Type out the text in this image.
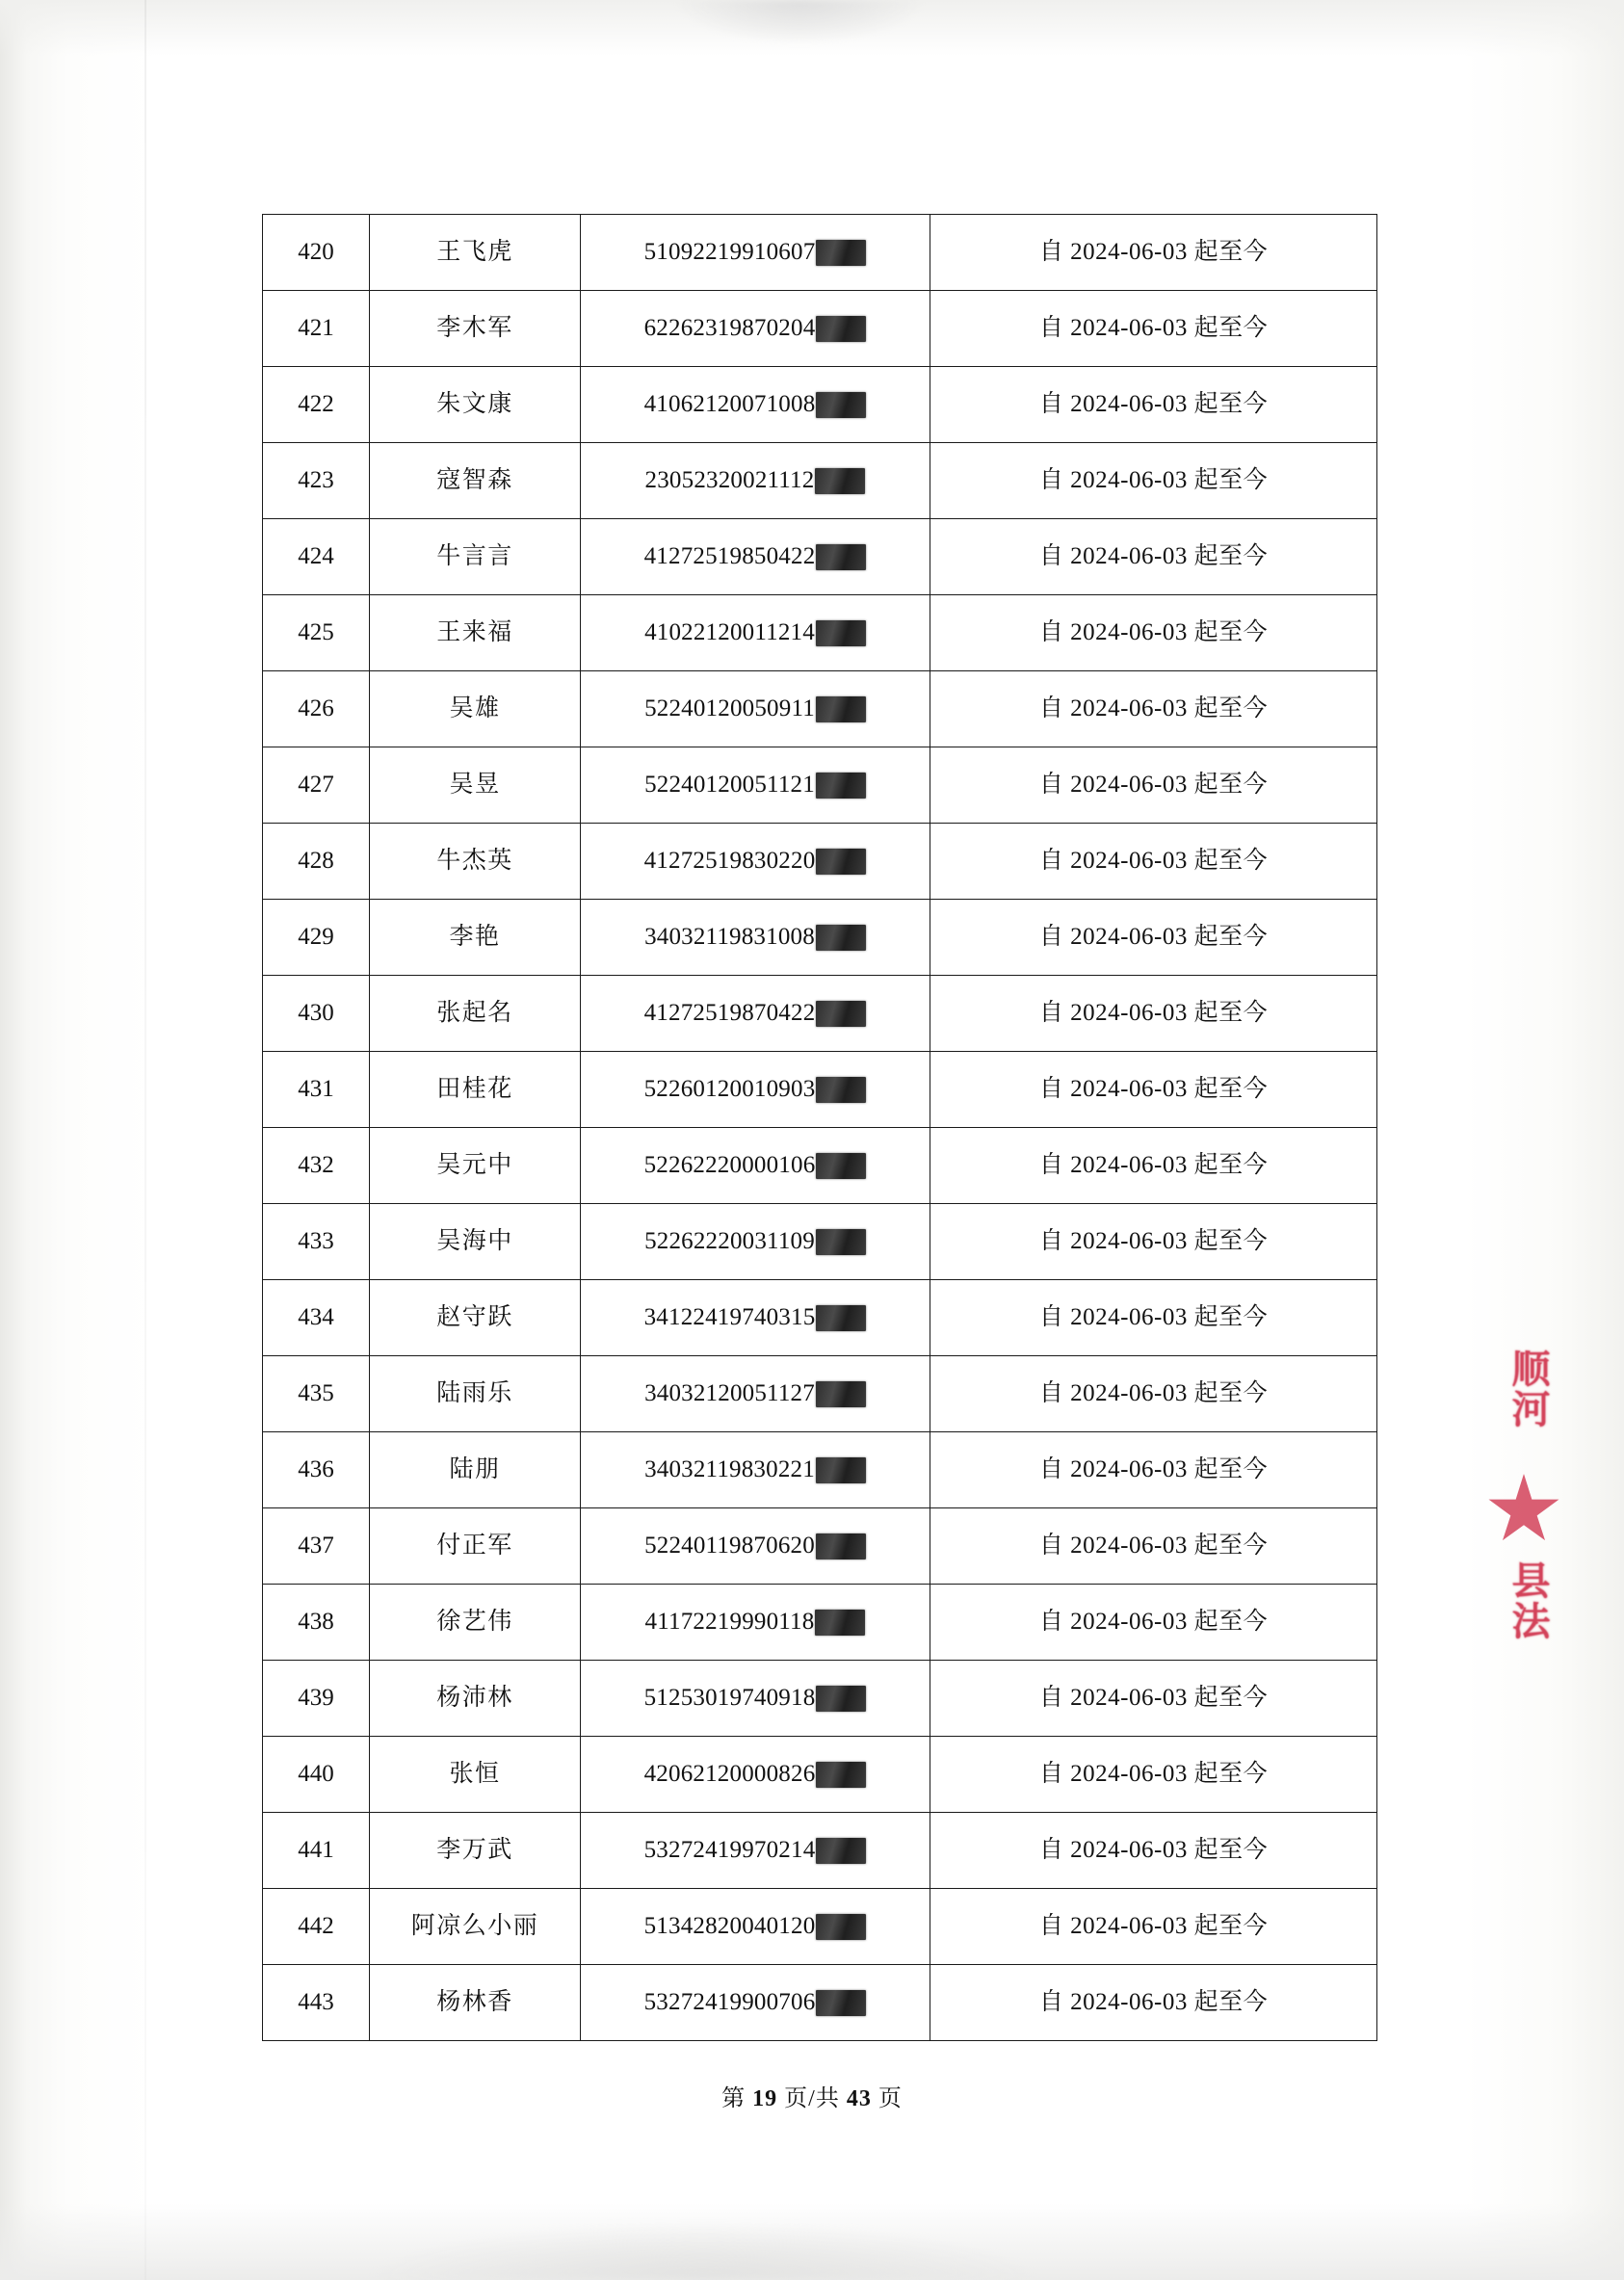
420	王飞虎	51092219910607	自 2024-06-03 起至今
421	李木军	62262319870204	自 2024-06-03 起至今
422	朱文康	41062120071008	自 2024-06-03 起至今
423	寇智森	23052320021112	自 2024-06-03 起至今
424	牛言言	41272519850422	自 2024-06-03 起至今
425	王来福	41022120011214	自 2024-06-03 起至今
426	吴雄	52240120050911	自 2024-06-03 起至今
427	吴昱	52240120051121	自 2024-06-03 起至今
428	牛杰英	41272519830220	自 2024-06-03 起至今
429	李艳	34032119831008	自 2024-06-03 起至今
430	张起名	41272519870422	自 2024-06-03 起至今
431	田桂花	52260120010903	自 2024-06-03 起至今
432	吴元中	52262220000106	自 2024-06-03 起至今
433	吴海中	52262220031109	自 2024-06-03 起至今
434	赵守跃	34122419740315	自 2024-06-03 起至今
435	陆雨乐	34032120051127	自 2024-06-03 起至今
436	陆朋	34032119830221	自 2024-06-03 起至今
437	付正军	52240119870620	自 2024-06-03 起至今
438	徐艺伟	41172219990118	自 2024-06-03 起至今
439	杨沛林	51253019740918	自 2024-06-03 起至今
440	张恒	42062120000826	自 2024-06-03 起至今
441	李万武	53272419970214	自 2024-06-03 起至今
442	阿凉么小丽	51342820040120	自 2024-06-03 起至今
443	杨林香	53272419900706	自 2024-06-03 起至今
第 19 页/共 43 页
顺河
县法
